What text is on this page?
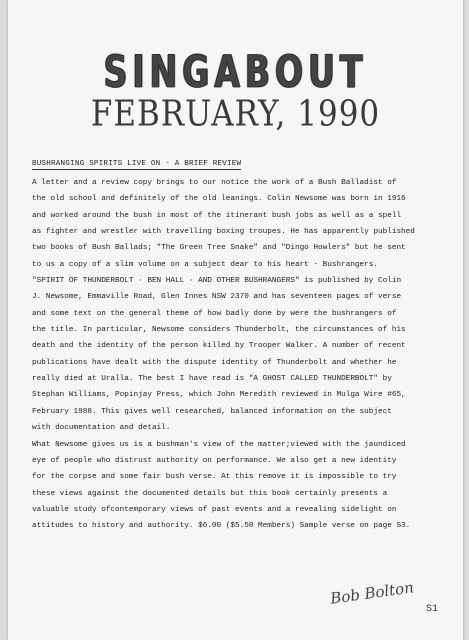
SINGABOUT
FEBRUARY, 1990
BUSHRANGING SPIRITS LIVE ON - A BRIEF REVIEW
A letter and a review copy brings to our notice the work of a Bush Balladist of
the old school and definitely of the old leanings. Colin Newsome was born in 1916
and worked around the bush in most of the itinerant bush jobs as well as a spell
as fighter and wrestler with travelling boxing troupes. He has apparently published
two books of Bush Ballads; "The Green Tree Snake" and "Dingo Howlers" but he sent
to us a copy of a slim volume on a subject dear to his heart - Bushrangers.
"SPIRIT OF THUNDERBOLT · BEN HALL · AND OTHER BUSHRANGERS" is published by Colin
J. Newsome, Emmaville Road, Glen Innes NSW 2370 and has seventeen pages of verse
and some text on the general theme of how badly done by were the bushrangers of
the title. In particular, Newsome considers Thunderbolt, the circumstances of his
death and the identity of the person killed by Trooper Walker. A number of recent
publications have dealt with the dispute identity of Thunderbolt and whether he
really died at Uralla. The best I have read is "A GHOST CALLED THUNDERBOLT" by
Stephan Williams, Popinjay Press, which John Meredith reviewed in Mulga Wire #65,
February 1988. This gives well researched, balanced information on the subject
with documentation and detail.
What Newsome gives us is a bushman's view of the matter;viewed with the jaundiced
eye of people who distrust authority on performance. We also get a new identity
for the corpse and some fair bush verse. At this remove it is impossible to try
these views against the documented details but this book certainly presents a
valuable study ofcontemporary views of past events and a revealing sidelight on
attitudes to history and authority. $6.00 ($5.50 Members) Sample verse on page S3.
Bob Bolton
S1
